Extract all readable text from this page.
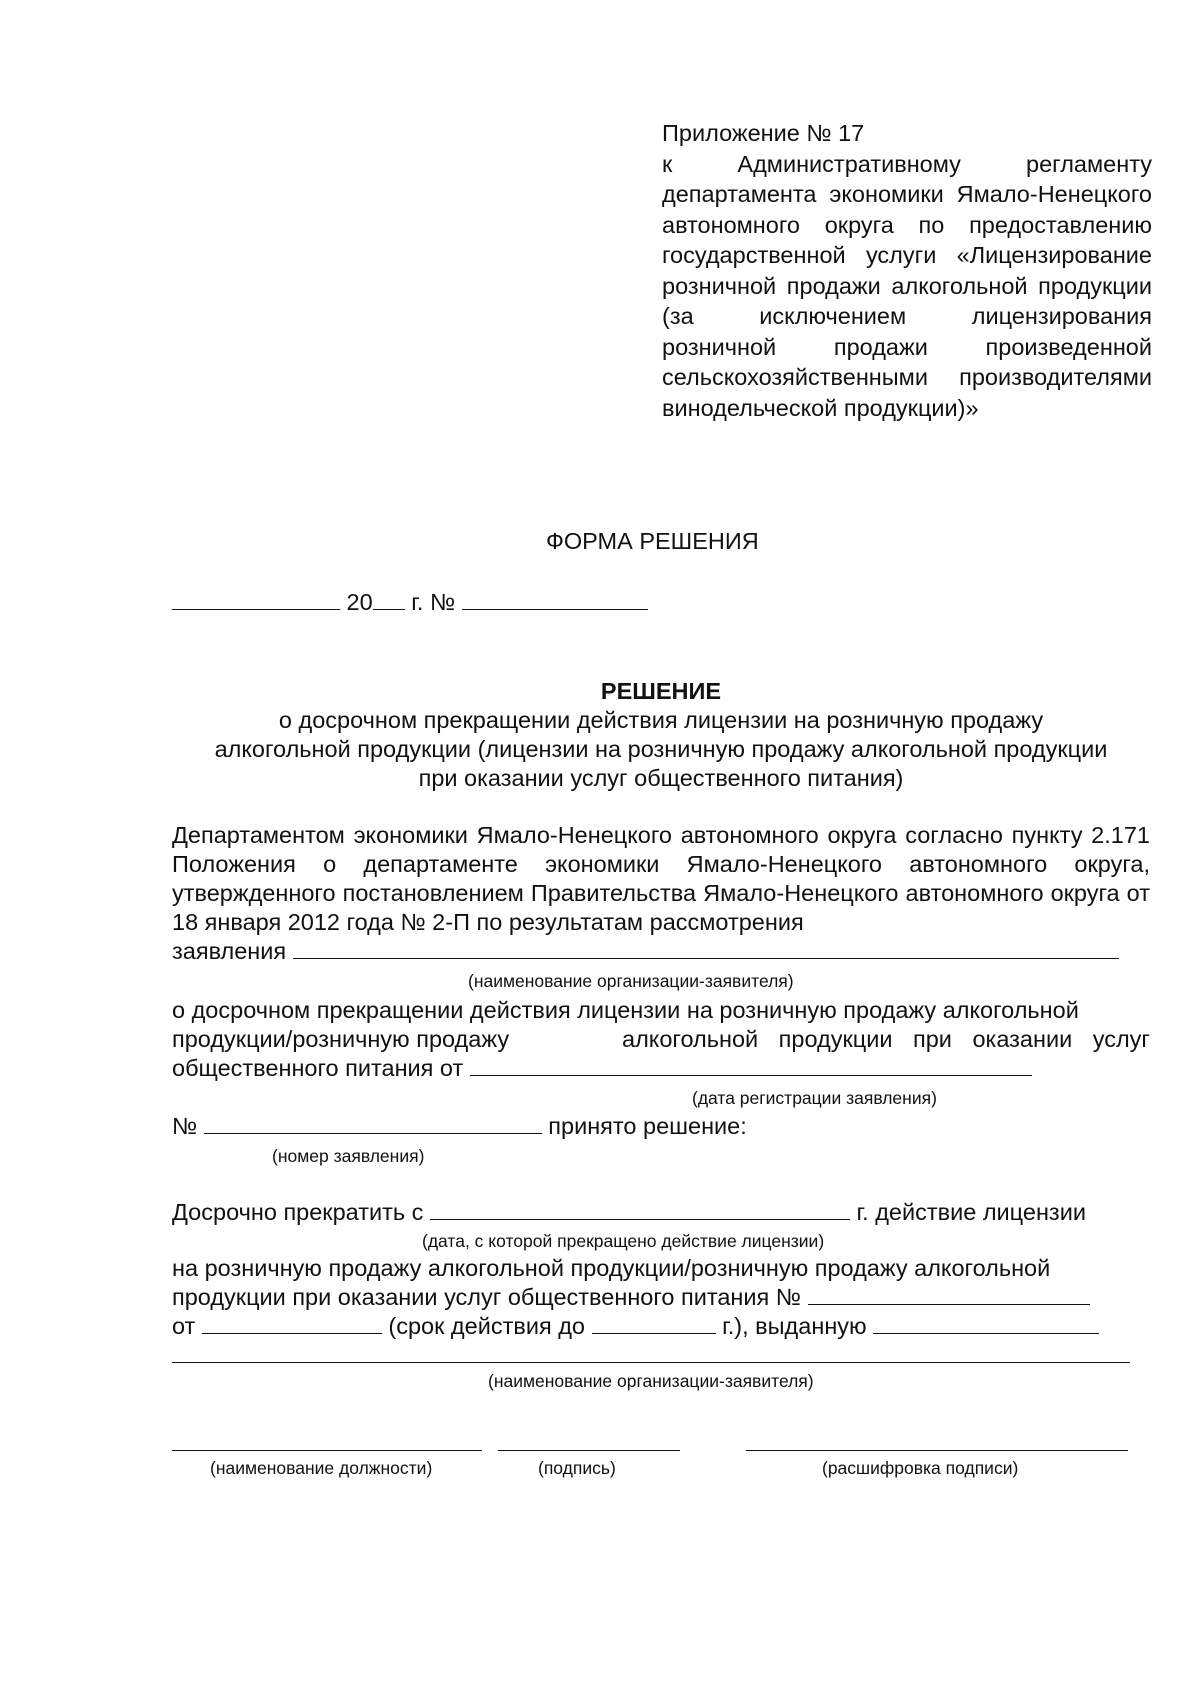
Приложение № 17
к Административному регламенту департамента экономики Ямало-Ненецкого автономного округа по предоставлению государственной услуги «Лицензирование розничной продажи алкогольной продукции (за исключением лицензирования розничной продажи произведенной сельскохозяйственными производителями винодельческой продукции)»
ФОРМА РЕШЕНИЯ
20 г. №
РЕШЕНИЕ
о досрочном прекращении действия лицензии на розничную продажу
алкогольной продукции (лицензии на розничную продажу алкогольной продукции
при оказании услуг общественного питания)
Департаментом экономики Ямало-Ненецкого автономного округа согласно пункту 2.171 Положения о департаменте экономики Ямало-Ненецкого автономного округа, утвержденного постановлением Правительства Ямало-Ненецкого автономного округа от 18 января 2012 года № 2-П по результатам рассмотрения
заявления
(наименование организации-заявителя)
о досрочном прекращении действия лицензии на розничную продажу алкогольной
продукции/розничную продажу	алкогольной продукции при оказании услуг
общественного питания от
(дата регистрации заявления)
№	принято решение:
(номер заявления)
Досрочно прекратить с	г. действие лицензии
(дата, с которой прекращено действие лицензии)
на розничную продажу алкогольной продукции/розничную продажу алкогольной
продукции при оказании услуг общественного питания №
от	(срок действия до	г.), выданную
(наименование организации-заявителя)
(наименование должности)	(подпись)	(расшифровка подписи)
